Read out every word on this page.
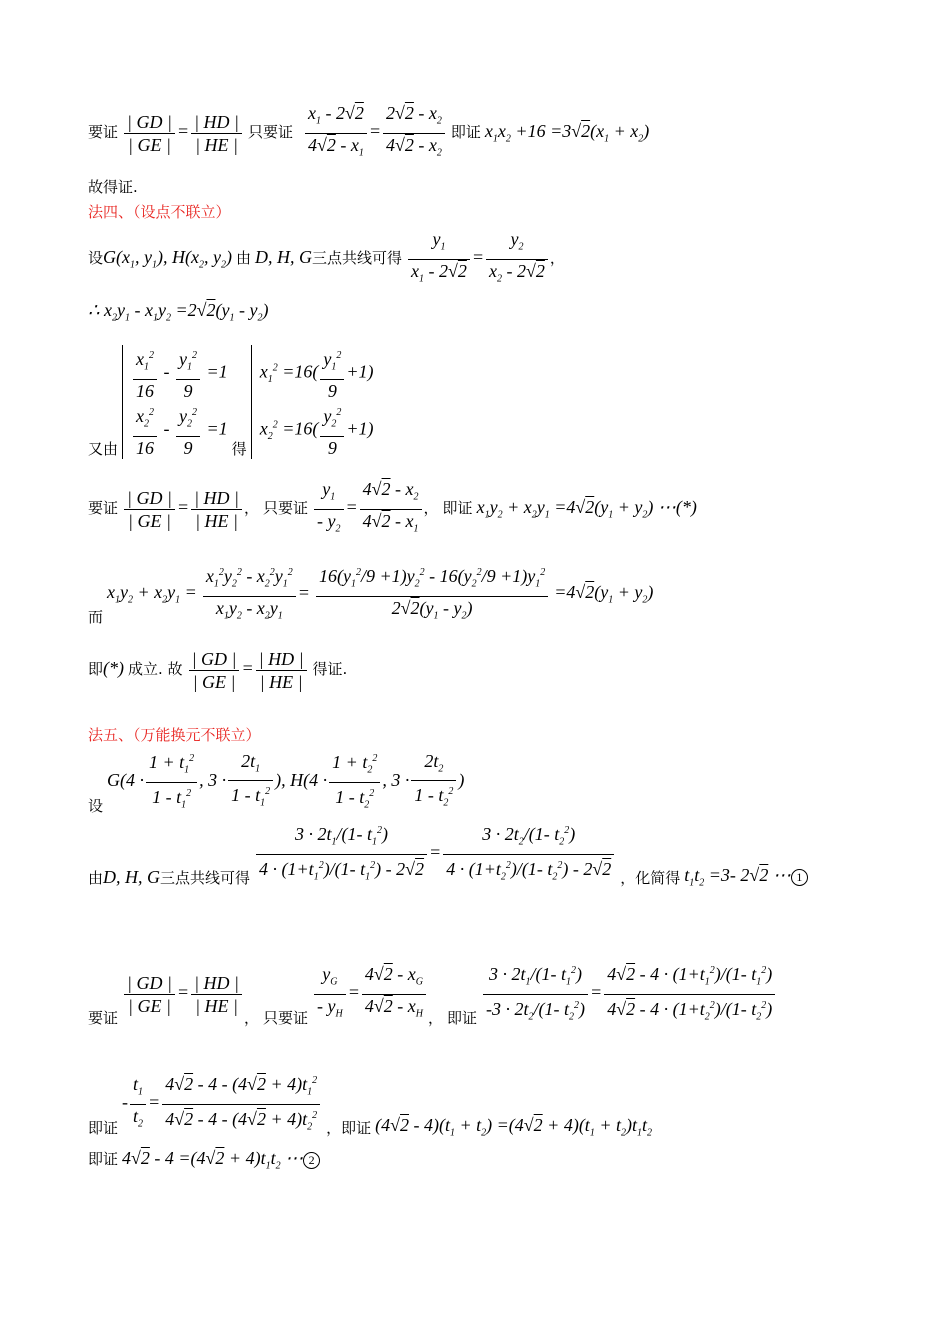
要证 $\frac{| GD |}{| GE |} = \frac{| HD |}{| HE |}$ 只要证 $\frac{x_1 - 2√2}{4√2 - x_1} = \frac{2√2 - x_2}{4√2 - x_2}$ 即证 $x_1x_2 +16 =3√2(x_1 + x_2)$
故得证.
法四、（设点不联立）
设$G(x_1$, $y_1$), $H(x_2$, $y_2$) 由 D, H, G三点共线可得 $\frac{y_1}{x_1 - 2√2} = \frac{y_2}{x_2 - 2√2}$ ，
∴ $x_2y_1 - x_1y_2 =2√2(y_1 - y_2)$
又由
$\frac{x_1^2}{16} - \frac{y_1^2}{9} =1$
$\frac{x_2^2}{16} - \frac{y_2^2}{9} =1$
得
$x_1^2 =16( \frac{y_1^2}{9} +1)$
$x_2^2 =16( \frac{y_2^2}{9} +1)$
要证 $\frac{| GD |}{| GE |} = \frac{| HD |}{| HE |}$ ， 只要证 $\frac{y_1}{- y_2} = \frac{4√2 - x_2}{4√2 - x_1}$ ， 即证 $x_1y_2 + x_2y_1 =4√2(y_1 + y_2)$ ⋯(*)
而 $x_1y_2 + x_2y_1 = \frac{x_1^2y_2^2 - x_2^2y_1^2}{x_1y_2 - x_2y_1} = \frac{16(y_1^2/9 +1)y_2^2 - 16(y_2^2/9 +1)y_1^2}{2√2(y_1 - y_2)} =4√2(y_1 + y_2)$
即(*) 成立. 故 $\frac{| GD |}{| GE |} = \frac{| HD |}{| HE |}$ 得证.
法五、（万能换元不联立）
设 $G(4 \cdot \frac{1 + t_1^2}{1 - t_1^2}$ , $3 \cdot \frac{2t_1}{1 - t_1^2}$ ), $H(4 \cdot \frac{1 + t_2^2}{1 - t_2^2}$ , $3 \cdot \frac{2t_2}{1 - t_2^2}$ )
由D, H, G三点共线可得 $\frac{3 \cdot 2t_1/(1- t_1^2)}{4 \cdot (1+t_1^2)/(1- t_1^2) - 2√2} = \frac{3 \cdot 2t_2/(1- t_2^2)}{4 \cdot (1+t_2^2)/(1- t_2^2) - 2√2}$ ，化简得 $t_1t_2 =3-$ 2√2 ⋯ 1
要证
$\frac{| GD |}{| GE |} = \frac{| HD |}{| HE |}$
， 只要证 $\frac{y_G}{- y_H} = \frac{4√2 - x_G}{4√2 - x_H}$ ， 即证 $\frac{3 \cdot 2t_1/(1- t_1^2)}{-3 \cdot 2t_2/(1- t_2^2)} = \frac{4√2 - 4 \cdot (1+t_1^2)/(1- t_1^2)}{4√2 - 4 \cdot (1+t_2^2)/(1- t_2^2)}$
即证 - $\frac{t_1}{t_2} = \frac{4√2 - 4 - (4√2 + 4)t_1^2}{4√2 - 4 - (4√2 + 4)t_2^2}$ ，即证 $(4√2 - 4)(t_1 + t_2) =(4√2 + 4)(t_1 + t_2)t_1t_2$
即证 $4√2 - 4 =(4√2 + 4)t_1t_2$ ⋯ 2
